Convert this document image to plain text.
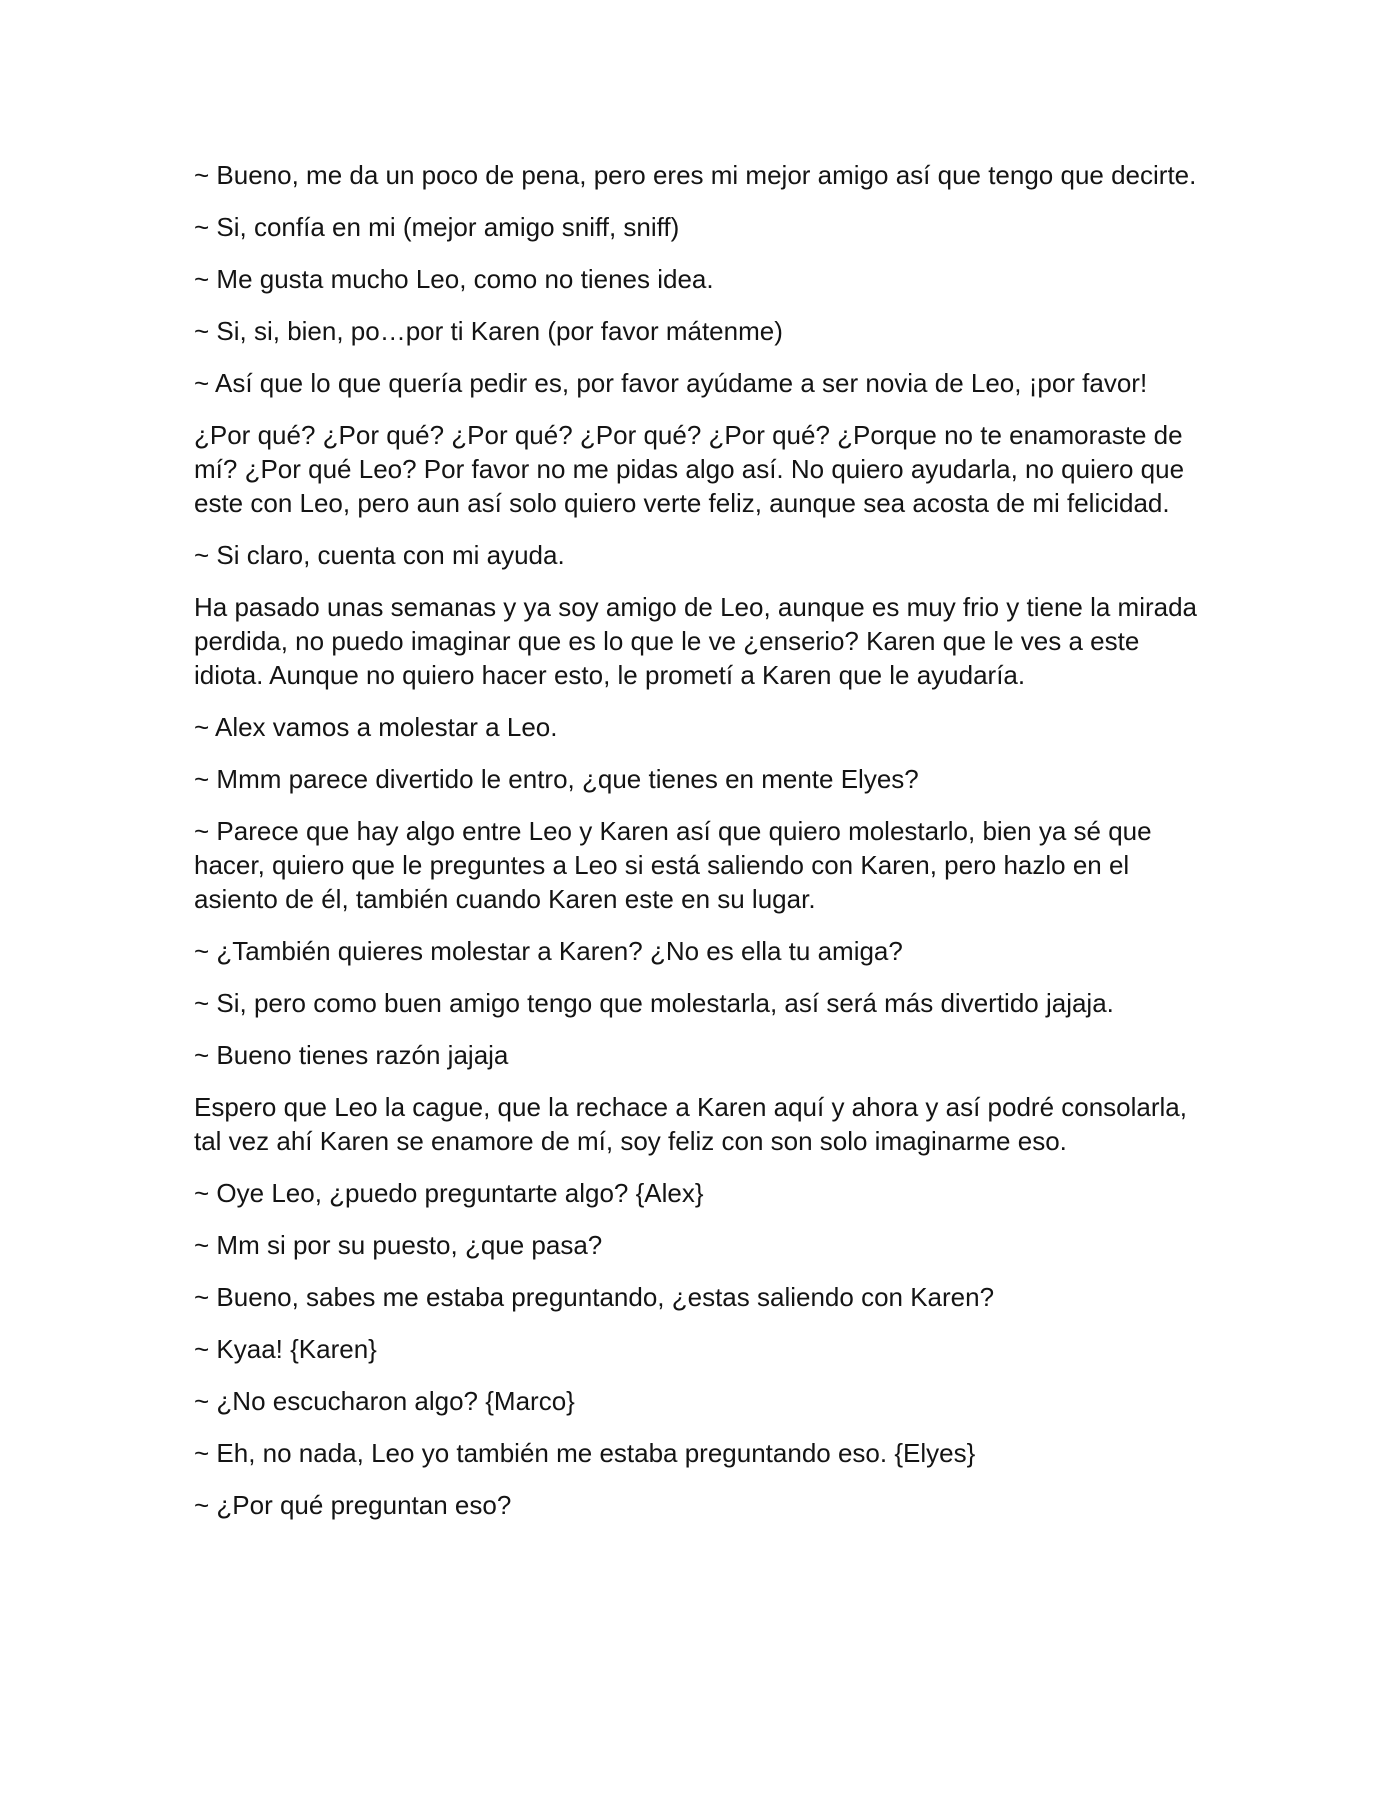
~ Bueno, me da un poco de pena, pero eres mi mejor amigo así que tengo que decirte.

~ Si, confía en mi (mejor amigo sniff, sniff)

~ Me gusta mucho Leo, como no tienes idea.

~ Si, si, bien, po…por ti Karen (por favor mátenme)

~ Así que lo que quería pedir es, por favor ayúdame a ser novia de Leo, ¡por favor!

¿Por qué? ¿Por qué? ¿Por qué? ¿Por qué? ¿Por qué? ¿Porque no te enamoraste de mí? ¿Por qué Leo? Por favor no me pidas algo así. No quiero ayudarla, no quiero que este con Leo, pero aun así solo quiero verte feliz, aunque sea acosta de mi felicidad.

~ Si claro, cuenta con mi ayuda.

Ha pasado unas semanas y ya soy amigo de Leo, aunque es muy frio y tiene la mirada perdida, no puedo imaginar que es lo que le ve ¿enserio? Karen que le ves a este idiota. Aunque no quiero hacer esto, le prometí a Karen que le ayudaría.

~ Alex vamos a molestar a Leo.

~ Mmm parece divertido le entro, ¿que tienes en mente Elyes?

~ Parece que hay algo entre Leo y Karen así que quiero molestarlo, bien ya sé que hacer, quiero que le preguntes a Leo si está saliendo con Karen, pero hazlo en el asiento de él, también cuando Karen este en su lugar.

~ ¿También quieres molestar a Karen? ¿No es ella tu amiga?

~ Si, pero como buen amigo tengo que molestarla, así será más divertido jajaja.

~ Bueno tienes razón jajaja

Espero que Leo la cague, que la rechace a Karen aquí y ahora y así podré consolarla, tal vez ahí Karen se enamore de mí, soy feliz con son solo imaginarme eso.

~ Oye Leo, ¿puedo preguntarte algo? {Alex}

~ Mm si por su puesto, ¿que pasa?

~ Bueno, sabes me estaba preguntando, ¿estas saliendo con Karen?

~ Kyaa! {Karen}

~ ¿No escucharon algo? {Marco}

~ Eh, no nada, Leo yo también me estaba preguntando eso. {Elyes}

~ ¿Por qué preguntan eso?
